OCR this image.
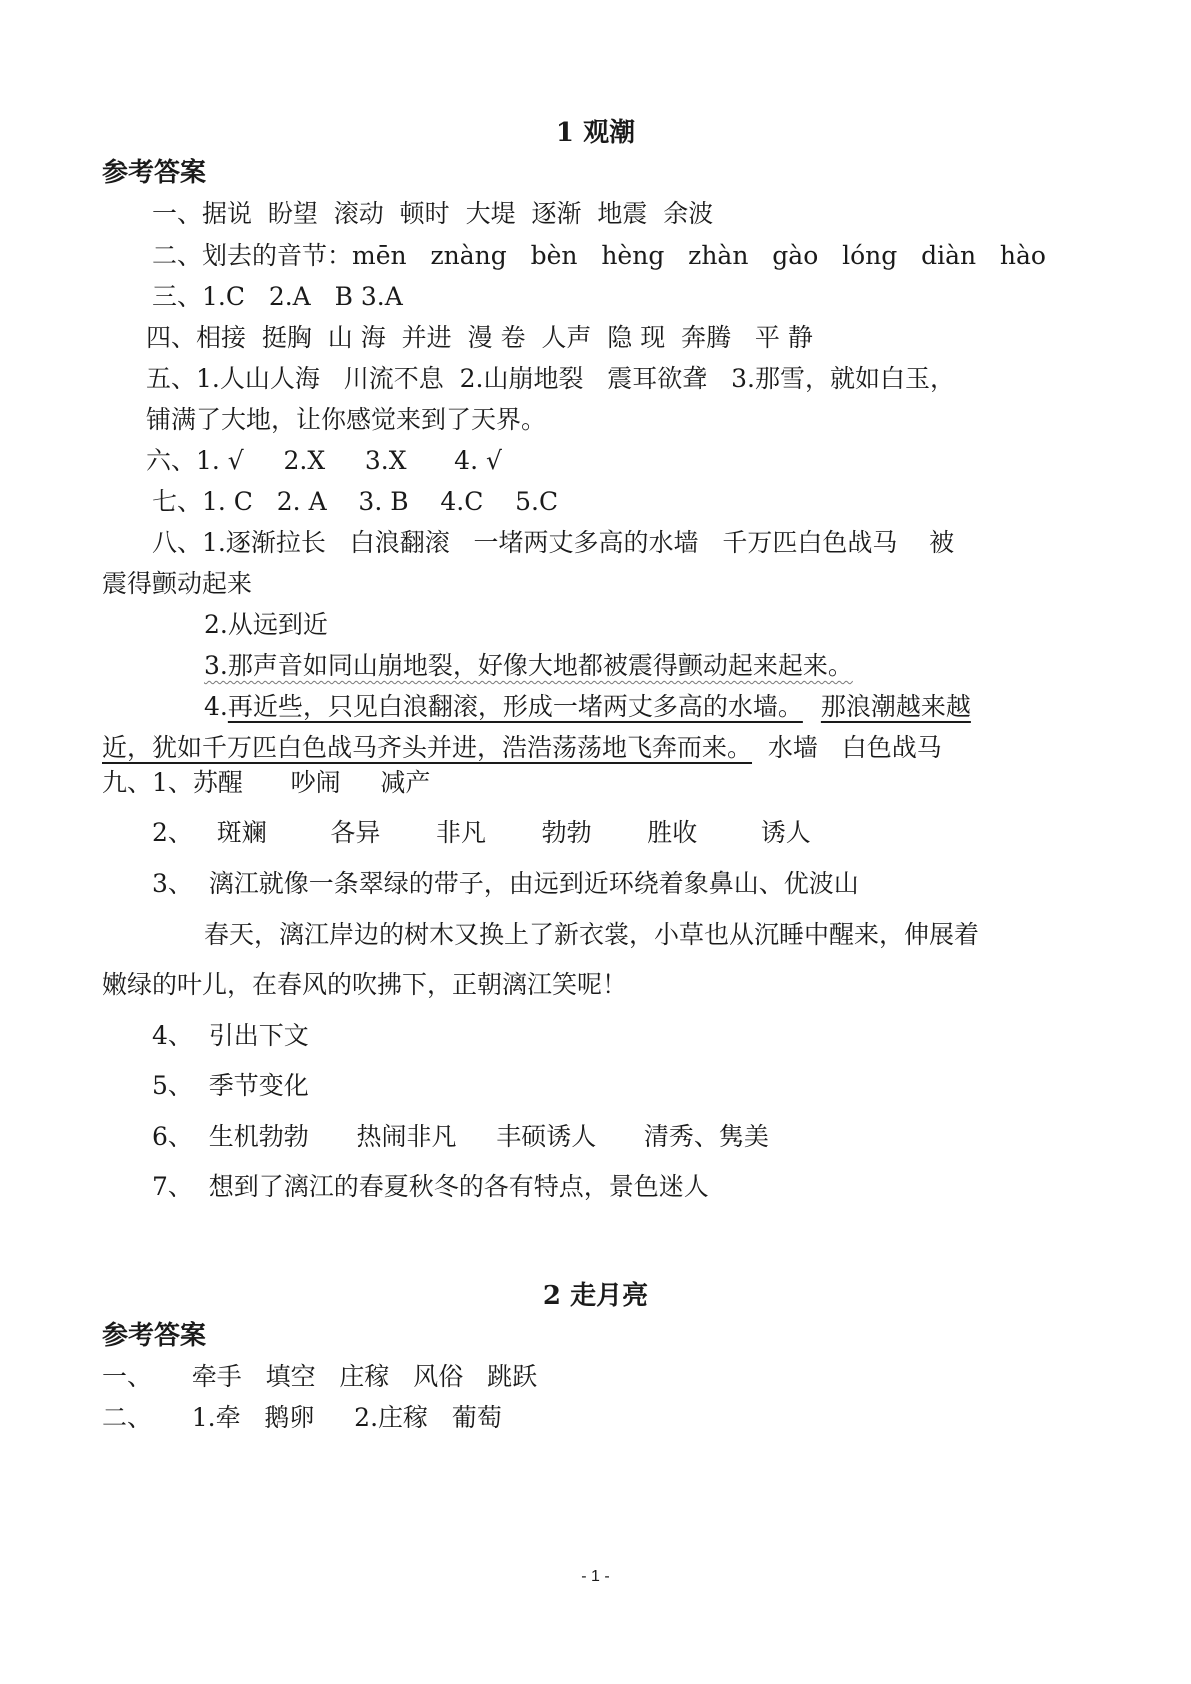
1 观潮
参考答案
一、据说  盼望  滚动  顿时  大堤  逐渐  地震  余波
二、划去的音节：mēn   znàng   bèn   hèng   zhàn   gào   lóng   diàn   hào
三、1.C   2.A   B 3.A
四、相接  挺胸  山 海  并进  漫 卷  人声  隐 现  奔腾   平 静
五、1.人山人海   川流不息  2.山崩地裂   震耳欲聋   3.那雪，就如白玉，
铺满了大地，让你感觉来到了天界。
六、1. √     2.X     3.X      4. √
七、1. C   2. A    3. B    4.C    5.C
八、1.逐渐拉长   白浪翻滚   一堵两丈多高的水墙   千万匹白色战马    被
震得颤动起来
2.从远到近
3.那声音如同山崩地裂，好像大地都被震得颤动起来起来。
4.再近些，只见白浪翻滚，形成一堵两丈多高的水墙。 那浪潮越来越
近，犹如千万匹白色战马齐头并进，浩浩荡荡地飞奔而来。  水墙   白色战马
九、1、苏醒      吵闹     减产
2、   斑斓        各异       非凡       勃勃       胜收        诱人
3、  漓江就像一条翠绿的带子，由远到近环绕着象鼻山、优波山
春天，漓江岸边的树木又换上了新衣裳，小草也从沉睡中醒来，伸展着
嫩绿的叶儿，在春风的吹拂下，正朝漓江笑呢！
4、  引出下文
5、  季节变化
6、  生机勃勃      热闹非凡     丰硕诱人      清秀、隽美
7、  想到了漓江的春夏秋冬的各有特点，景色迷人
2 走月亮
参考答案
一、     牵手   填空   庄稼   风俗   跳跃
二、     1.牵   鹅卵     2.庄稼   葡萄
- 1 -
